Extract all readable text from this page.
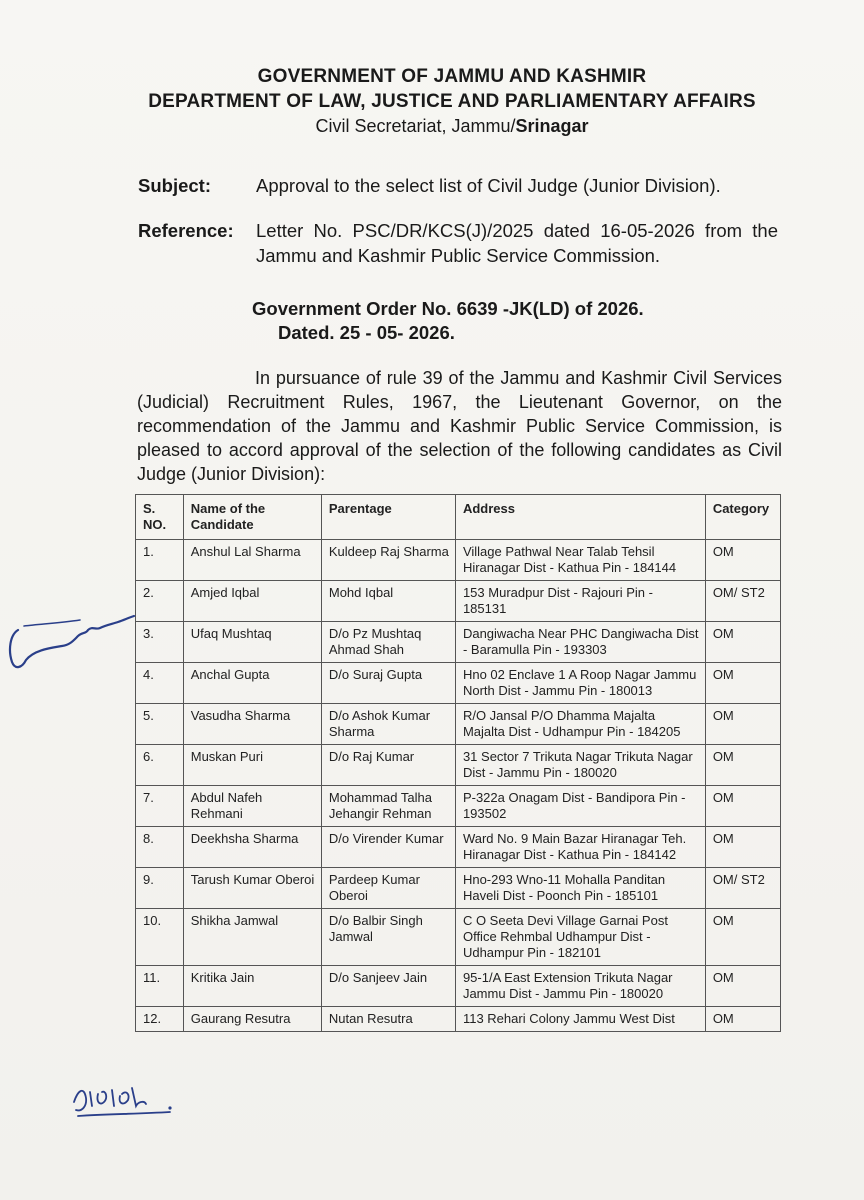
GOVERNMENT OF JAMMU AND KASHMIR
DEPARTMENT OF LAW, JUSTICE AND PARLIAMENTARY AFFAIRS
Civil Secretariat, Jammu/Srinagar
Subject: Approval to the select list of Civil Judge (Junior Division).
Reference: Letter No. PSC/DR/KCS(J)/2025 dated 16-05-2026 from the Jammu and Kashmir Public Service Commission.
Government Order No. 6639 -JK(LD) of 2026.
Dated. 25 - 05- 2026.
In pursuance of rule 39 of the Jammu and Kashmir Civil Services (Judicial) Recruitment Rules, 1967, the Lieutenant Governor, on the recommendation of the Jammu and Kashmir Public Service Commission, is pleased to accord approval of the selection of the following candidates as Civil Judge (Junior Division):
S. NO.	Name of the Candidate	Parentage	Address	Category
1.	Anshul Lal Sharma	Kuldeep Raj Sharma	Village Pathwal Near Talab Tehsil Hiranagar Dist - Kathua Pin - 184144	OM
2.	Amjed Iqbal	Mohd Iqbal	153 Muradpur Dist - Rajouri Pin - 185131	OM/ ST2
3.	Ufaq Mushtaq	D/o Pz Mushtaq Ahmad Shah	Dangiwacha Near PHC Dangiwacha Dist - Baramulla Pin - 193303	OM
4.	Anchal Gupta	D/o Suraj Gupta	Hno 02 Enclave 1 A Roop Nagar Jammu North Dist - Jammu Pin - 180013	OM
5.	Vasudha Sharma	D/o Ashok Kumar Sharma	R/O Jansal P/O Dhamma Majalta Majalta Dist - Udhampur Pin - 184205	OM
6.	Muskan Puri	D/o Raj Kumar	31 Sector 7 Trikuta Nagar Trikuta Nagar Dist - Jammu Pin - 180020	OM
7.	Abdul Nafeh Rehmani	Mohammad Talha Jehangir Rehman	P-322a Onagam Dist - Bandipora Pin - 193502	OM
8.	Deekhsha Sharma	D/o Virender Kumar	Ward No. 9 Main Bazar Hiranagar Teh. Hiranagar Dist - Kathua Pin - 184142	OM
9.	Tarush Kumar Oberoi	Pardeep Kumar Oberoi	Hno-293 Wno-11 Mohalla Panditan Haveli Dist - Poonch Pin - 185101	OM/ ST2
10.	Shikha Jamwal	D/o Balbir Singh Jamwal	C O Seeta Devi Village Garnai Post Office Rehmbal Udhampur Dist - Udhampur Pin - 182101	OM
11.	Kritika Jain	D/o Sanjeev Jain	95-1/A East Extension Trikuta Nagar Jammu Dist - Jammu Pin - 180020	OM
12.	Gaurang Resutra	Nutan Resutra	113 Rehari Colony Jammu West Dist	OM
